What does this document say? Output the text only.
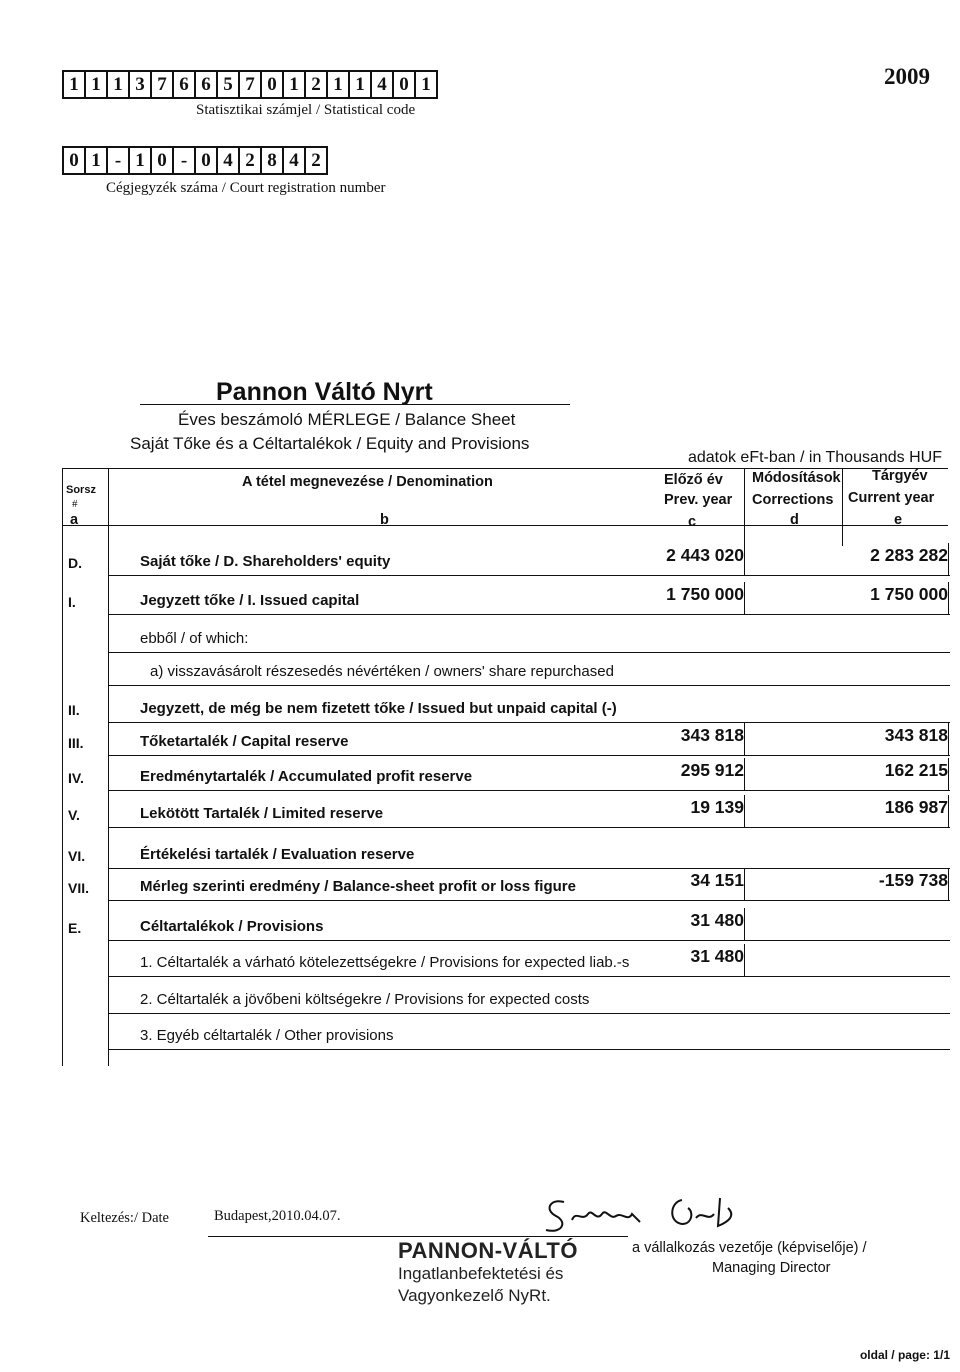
2009
1 1 1 3 7 6 6 5 7 0 1 2 1 1 4 0 1
Statisztikai számjel / Statistical code
0 1 - 1 0 - 0 4 2 8 4 2
Cégjegyzék száma / Court registration number
Pannon Váltó Nyrt
Éves beszámoló MÉRLEGE / Balance Sheet
Saját Tőke és a Céltartalékok / Equity and Provisions
adatok eFt-ban / in Thousands HUF
Sorsz
#
a
A tétel megnevezése / Denomination
b
Előző év
Prev. year
c
Módosítások
Corrections
d
Tárgyév
Current year
e
D.	Saját tőke / D. Shareholders' equity	2 443 020	2 283 282
I.	Jegyzett tőke / I. Issued capital	1 750 000	1 750 000
ebből / of which:
a) visszavásárolt részesedés névértéken / owners' share repurchased
II.	Jegyzett, de még be nem fizetett tőke / Issued but unpaid capital (-)
III.	Tőketartalék / Capital reserve	343 818	343 818
IV.	Eredménytartalék / Accumulated profit reserve	295 912	162 215
V.	Lekötött Tartalék / Limited reserve	19 139	186 987
VI.	Értékelési tartalék / Evaluation reserve
VII.	Mérleg szerinti eredmény / Balance-sheet profit or loss figure	34 151	-159 738
E.	Céltartalékok / Provisions	31 480
1. Céltartalék a várható kötelezettségekre / Provisions for expected liab.-s	31 480
2. Céltartalék a jövőbeni költségekre / Provisions for expected costs
3. Egyéb céltartalék / Other provisions
Keltezés:/ Date	Budapest,2010.04.07.
PANNON-VÁLTÓ
Ingatlanbefektetési és
Vagyonkezelő NyRt.
a vállalkozás vezetője (képviselője) /
Managing Director
oldal / page: 1/1
